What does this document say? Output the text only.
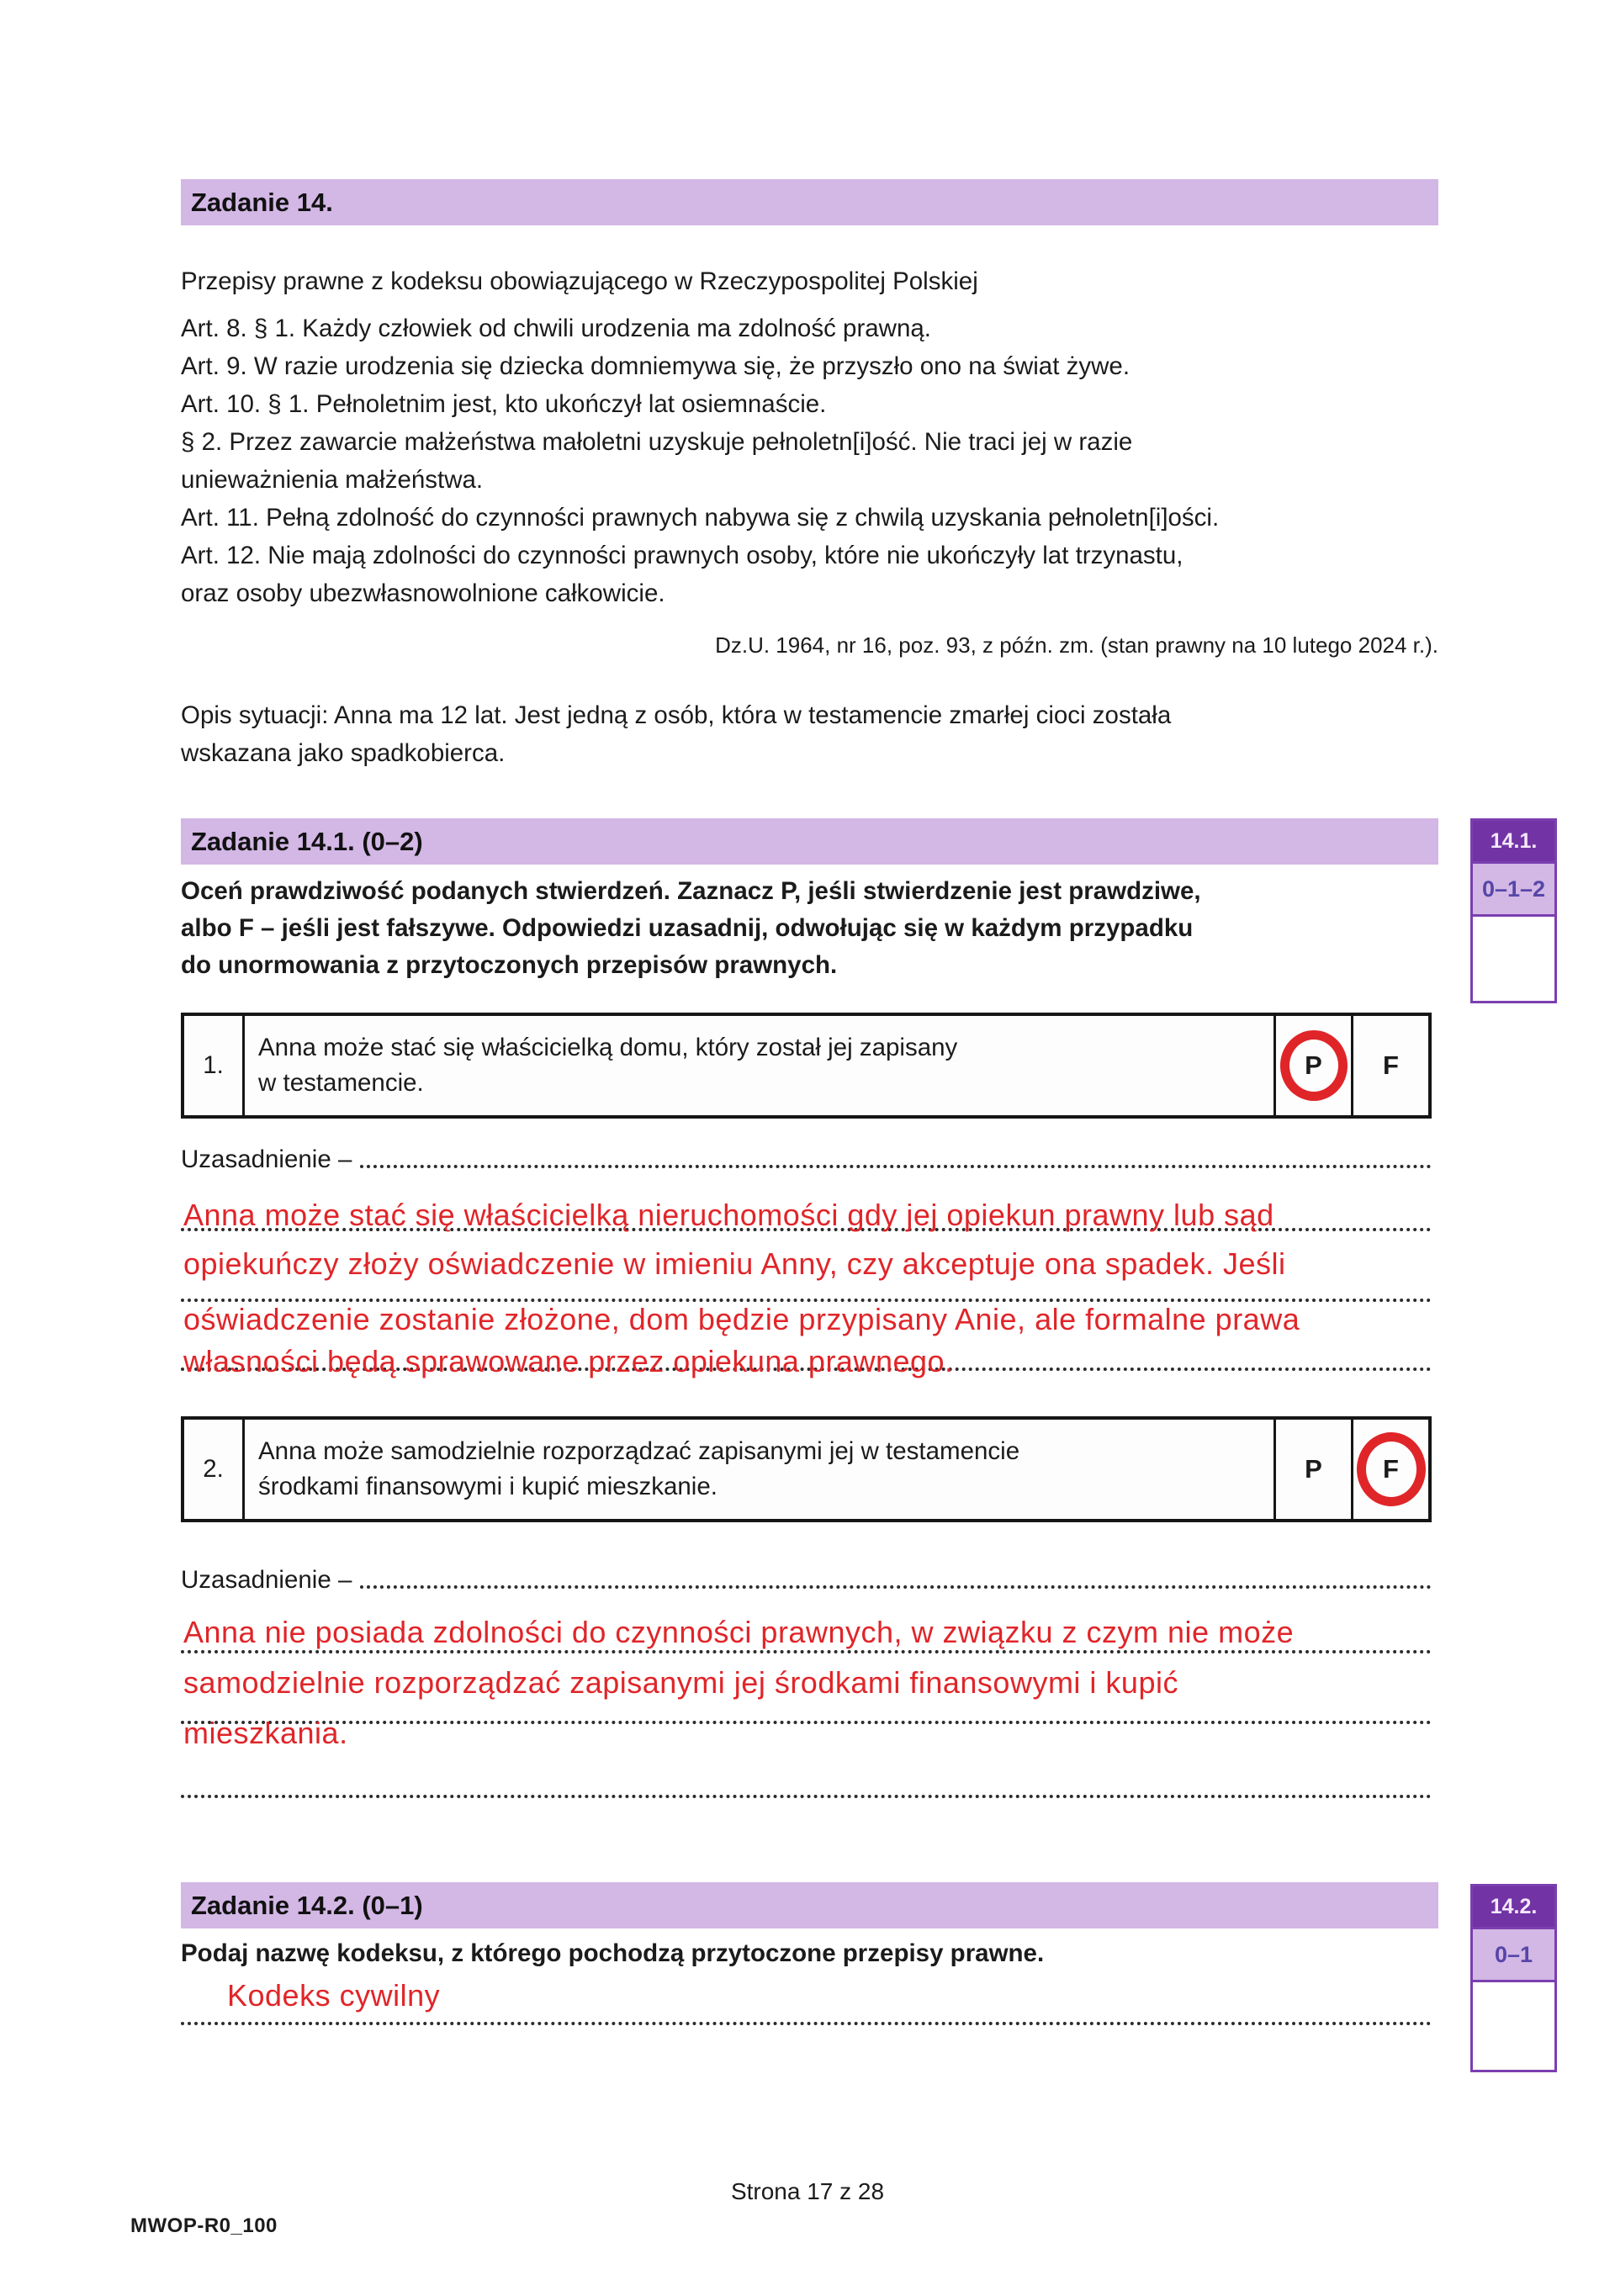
Zadanie 14.
Przepisy prawne z kodeksu obowiązującego w Rzeczypospolitej Polskiej
Art. 8. § 1. Każdy człowiek od chwili urodzenia ma zdolność prawną.
Art. 9. W razie urodzenia się dziecka domniemywa się, że przyszło ono na świat żywe.
Art. 10. § 1. Pełnoletnim jest, kto ukończył lat osiemnaście.
§ 2. Przez zawarcie małżeństwa małoletni uzyskuje pełnoletn[i]ość. Nie traci jej w razie
unieważnienia małżeństwa.
Art. 11. Pełną zdolność do czynności prawnych nabywa się z chwilą uzyskania pełnoletn[i]ości.
Art. 12. Nie mają zdolności do czynności prawnych osoby, które nie ukończyły lat trzynastu,
oraz osoby ubezwłasnowolnione całkowicie.
Dz.U. 1964, nr 16, poz. 93, z późn. zm. (stan prawny na 10 lutego 2024 r.).
Opis sytuacji: Anna ma 12 lat. Jest jedną z osób, która w testamencie zmarłej cioci została
wskazana jako spadkobierca.
Zadanie 14.1. (0–2)	14.1.
0–1–2
Oceń prawdziwość podanych stwierdzeń. Zaznacz P, jeśli stwierdzenie jest prawdziwe,
albo F – jeśli jest fałszywe. Odpowiedzi uzasadnij, odwołując się w każdym przypadku
do unormowania z przytoczonych przepisów prawnych.
1.
Anna może stać się właścicielką domu, który został jej zapisany
w testamencie.
P F
Uzasadnienie –
Anna może stać się właścicielką nieruchomości gdy jej opiekun prawny lub sąd
opiekuńczy złoży oświadczenie w imieniu Anny, czy akceptuje ona spadek. Jeśli
oświadczenie zostanie złożone, dom będzie przypisany Anie, ale formalne prawa
własności będą sprawowane przez opiekuna prawnego.
2.
Anna może samodzielnie rozporządzać zapisanymi jej w testamencie
środkami finansowymi i kupić mieszkanie.
P F
Uzasadnienie –
Anna nie posiada zdolności do czynności prawnych, w związku z czym nie może
samodzielnie rozporządzać zapisanymi jej środkami finansowymi i kupić
mieszkania.
Zadanie 14.2. (0–1)	14.2.
0–1
Podaj nazwę kodeksu, z którego pochodzą przytoczone przepisy prawne.
Kodeks cywilny
Strona 17 z 28
MWOP-R0_100
